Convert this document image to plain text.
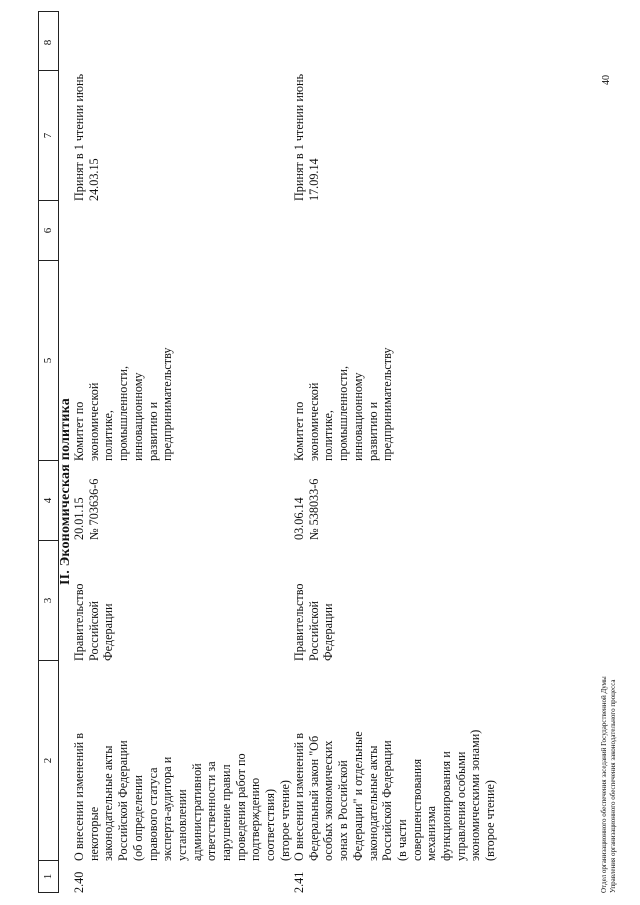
1
2
3
4
5
6
7
8
II. Экономическая политика
2.40
О внесении изменений в
некоторые
законодательные акты
Российской Федерации
(об определении
правового статуса
эксперта-аудитора и
установлении
административной
ответственности за
нарушение правил
проведения работ по
подтверждению
соответствия)
(второе чтение)
Правительство
Российской Федерации
20.01.15
№ 703636-6
Комитет по
экономической
политике,
промышленности,
инновационному
развитию и
предпринимательству
Принят в 1 чтении июнь
24.03.15
2.41
О внесении изменений в
Федеральный закон "Об
особых экономических
зонах в Российской
Федерации" и отдельные
законодательные акты
Российской Федерации
(в части
совершенствования
механизма
функционирования и
управления особыми
экономическими зонами)
(второе чтение)
Правительство
Российской Федерации
03.06.14
№ 538033-6
Комитет по
экономической
политике,
промышленности,
инновационному
развитию и
предпринимательству
Принят в 1 чтении июнь
17.09.14
Отдел организационного обеспечения заседаний Государственной Думы Управления организационного обеспечения законодательного процесса
40
